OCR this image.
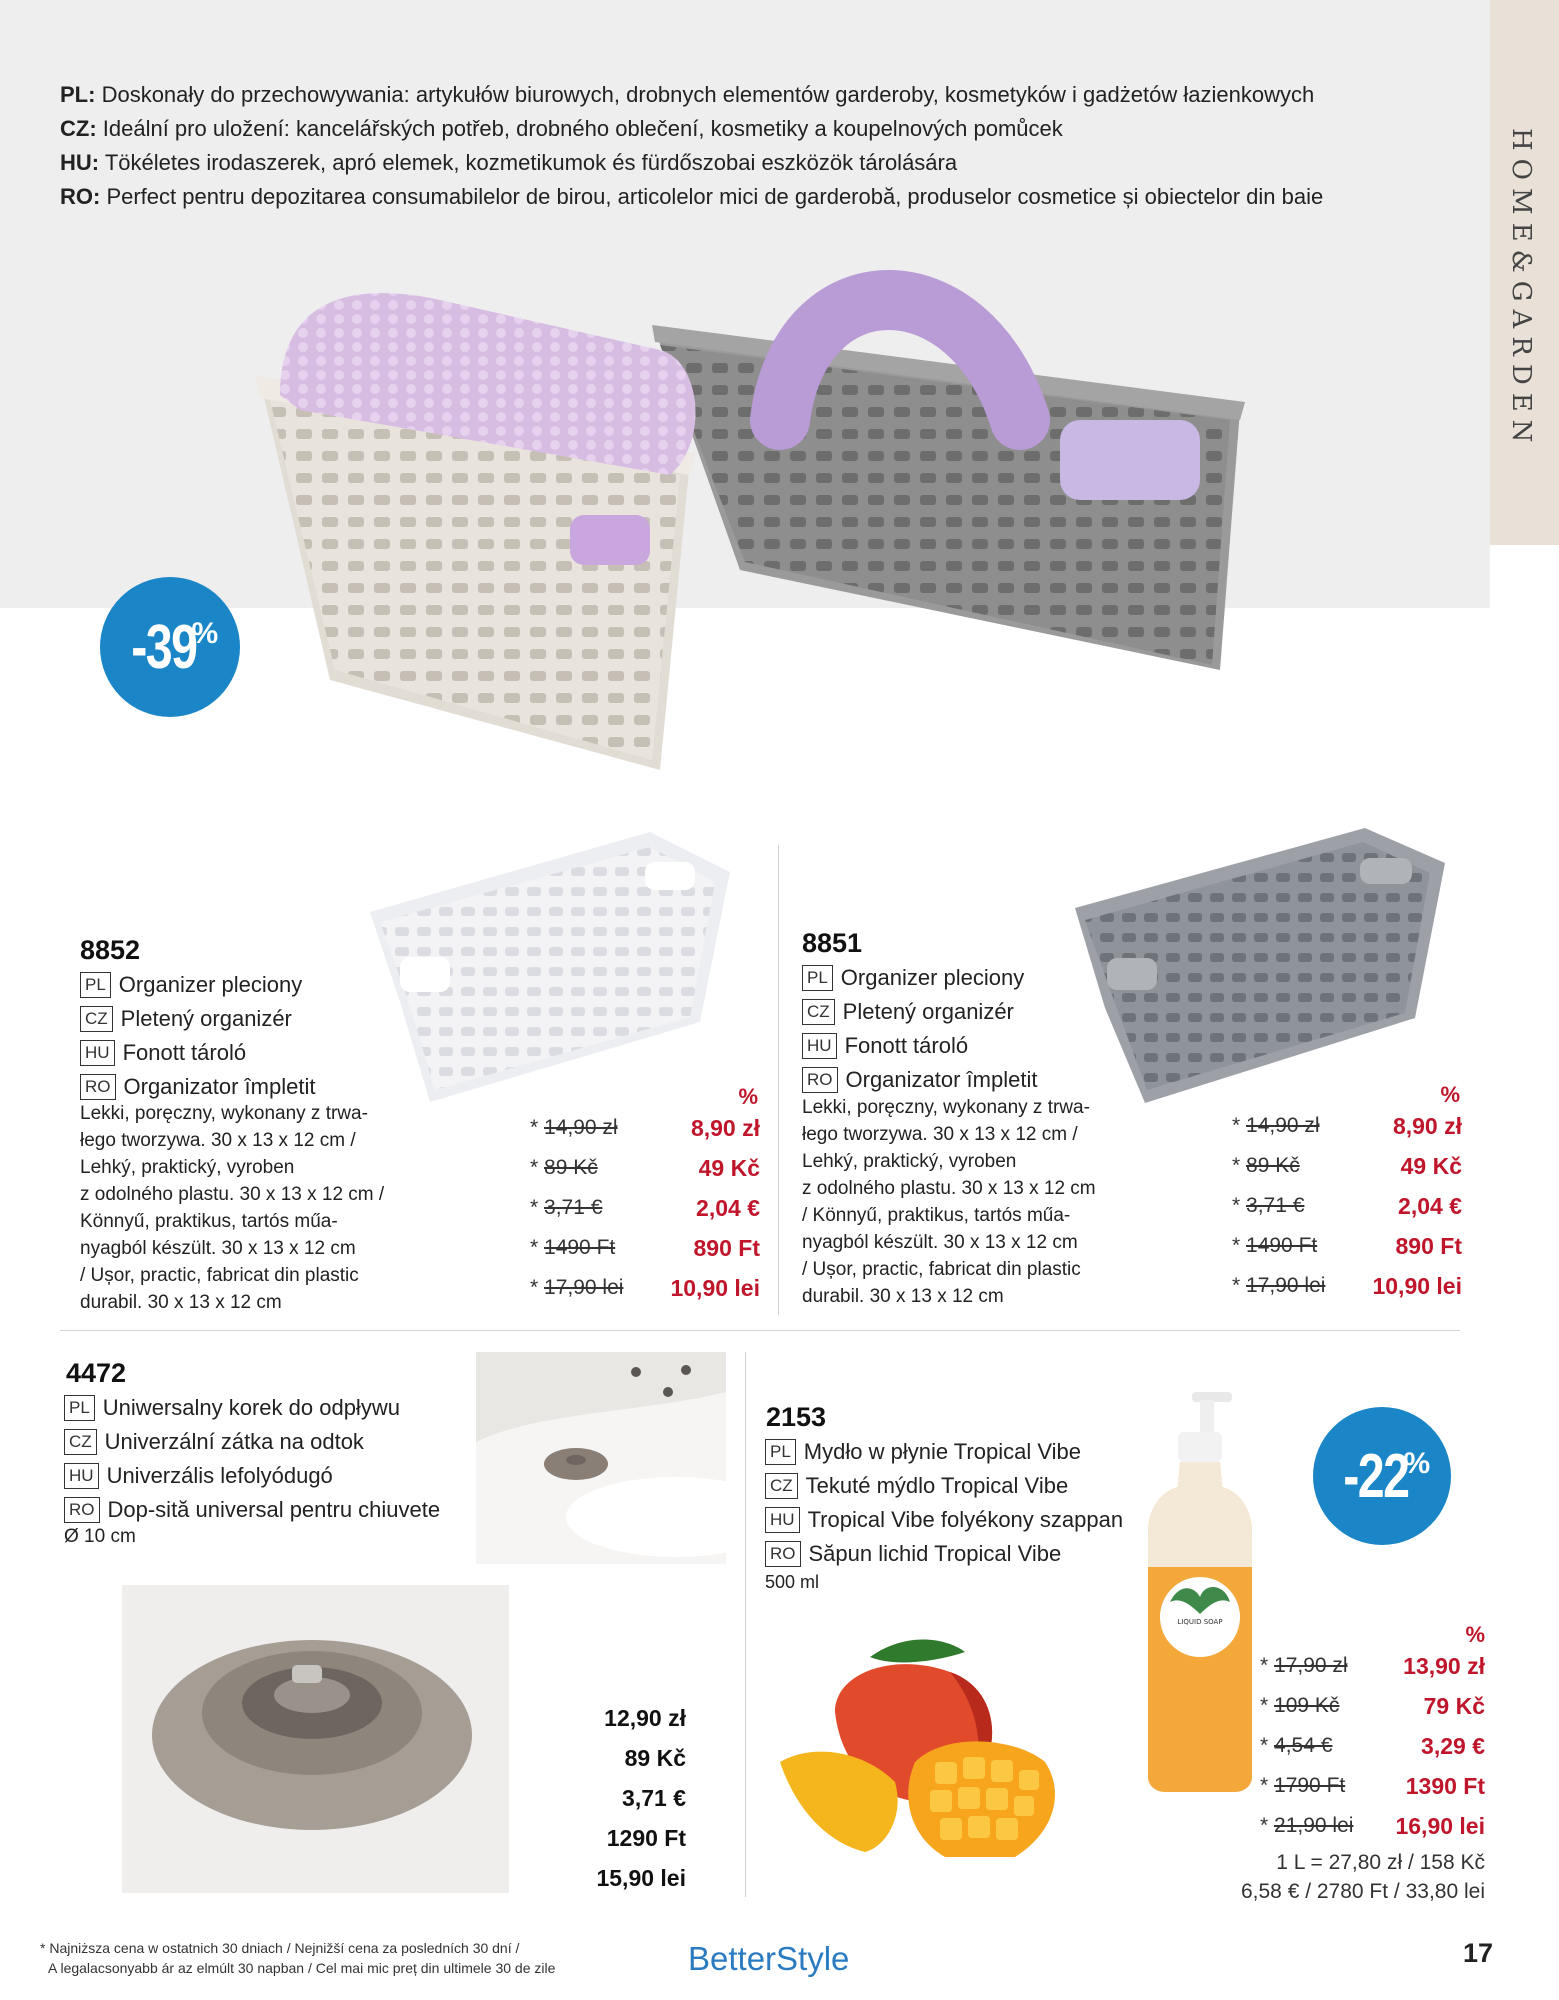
HOME&GARDEN
PL: Doskonały do przechowywania: artykułów biurowych, drobnych elementów garderoby, kosmetyków i gadżetów łazienkowych
CZ: Ideální pro uložení: kancelářských potřeb, drobného oblečení, kosmetiky a koupelnových pomůcek
HU: Tökéletes irodaszerek, apró elemek, kozmetikumok és fürdőszobai eszközök tárolására
RO: Perfect pentru depozitarea consumabilelor de birou, articolelor mici de garderobă, produselor cosmetice și obiectelor din baie
-39
%
8852
PL Organizer pleciony
CZ Pletený organizér
HU Fonott tároló
RO Organizator împletit
Lekki, poręczny, wykonany z trwa-
łego tworzywa. 30 x 13 x 12 cm /
Lehký, praktický, vyroben
z odolného plastu. 30 x 13 x 12 cm /
Könnyű, praktikus, tartós műa-
nyagból készült. 30 x 13 x 12 cm
/ Ușor, practic, fabricat din plastic
durabil. 30 x 13 x 12 cm
%
* 14,90 zł	8,90 zł
* 89 Kč	49 Kč
* 3,71 €	2,04 €
* 1490 Ft	890 Ft
* 17,90 lei 10,90 lei
8851
PL Organizer pleciony
CZ Pletený organizér
HU Fonott tároló
RO Organizator împletit
Lekki, poręczny, wykonany z trwa-
łego tworzywa. 30 x 13 x 12 cm /
Lehký, praktický, vyroben
z odolného plastu. 30 x 13 x 12 cm
/ Könnyű, praktikus, tartós műa-
nyagból készült. 30 x 13 x 12 cm
/ Ușor, practic, fabricat din plastic
durabil. 30 x 13 x 12 cm
%
* 14,90 zł	8,90 zł
* 89 Kč	49 Kč
* 3,71 €	2,04 €
* 1490 Ft	890 Ft
* 17,90 lei 10,90 lei
4472
PL Uniwersalny korek do odpływu
CZ Univerzální zátka na odtok
HU Univerzális lefolyódugó
RO Dop-sită universal pentru chiuvete
Ø 10 cm
12,90 zł
89 Kč
3,71 €
1290 Ft
15,90 lei
2153
PL Mydło w płynie Tropical Vibe
CZ Tekuté mýdlo Tropical Vibe
HU Tropical Vibe folyékony szappan
RO Săpun lichid Tropical Vibe
500 ml
LIQUID SOAP
-22
%
%
* 17,90 zł 13,90 zł
* 109 Kč	79 Kč
* 4,54 €	3,29 €
* 1790 Ft	1390 Ft
* 21,90 lei 16,90 lei
1 L = 27,80 zł / 158 Kč
6,58 € / 2780 Ft / 33,80 lei
* Najniższa cena w ostatnich 30 dniach / Nejnižší cena za posledních 30 dní /
A legalacsonyabb ár az elmúlt 30 napban / Cel mai mic preț din ultimele 30 de zile	BetterStyle	17
